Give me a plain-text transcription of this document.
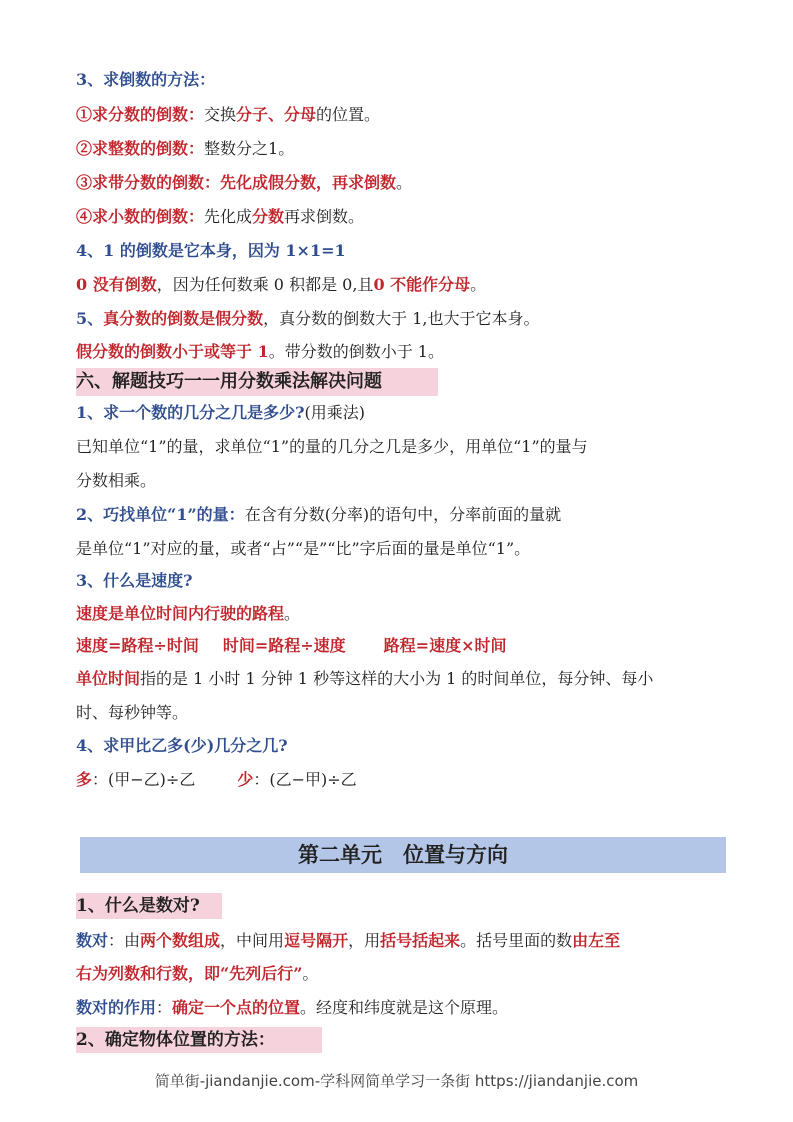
3、求倒数的方法：
①求分数的倒数：交换分子、分母的位置。
②求整数的倒数：整数分之1。
③求带分数的倒数：先化成假分数，再求倒数。
④求小数的倒数：先化成分数再求倒数。
4、1 的倒数是它本身，因为 1×1=1
0 没有倒数，因为任何数乘 0 积都是 0,且0 不能作分母。
5、真分数的倒数是假分数，真分数的倒数大于 1,也大于它本身。
假分数的倒数小于或等于 1。带分数的倒数小于 1。
六、解题技巧一一用分数乘法解决问题
1、求一个数的几分之几是多少?(用乘法)
已知单位“1”的量，求单位“1”的量的几分之几是多少，用单位“1”的量与
分数相乘。
2、巧找单位“1”的量：在含有分数(分率)的语句中，分率前面的量就
是单位“1”对应的量，或者“占”“是”“比”字后面的量是单位“1”。
3、什么是速度?
速度是单位时间内行驶的路程。
速度=路程÷时间 时间=路程÷速度 路程=速度×时间
单位时间指的是 1 小时 1 分钟 1 秒等这样的大小为 1 的时间单位，每分钟、每小
时、每秒钟等。
4、求甲比乙多(少)几分之几?
多：(甲−乙)÷乙	少：(乙−甲)÷乙
第二单元　位置与方向
1、什么是数对?
数对：由两个数组成，中间用逗号隔开，用括号括起来。括号里面的数由左至
右为列数和行数，即“先列后行”。
数对的作用：确定一个点的位置。经度和纬度就是这个原理。
2、确定物体位置的方法：
简单街-jiandanjie.com-学科网简单学习一条街 https://jiandanjie.com
